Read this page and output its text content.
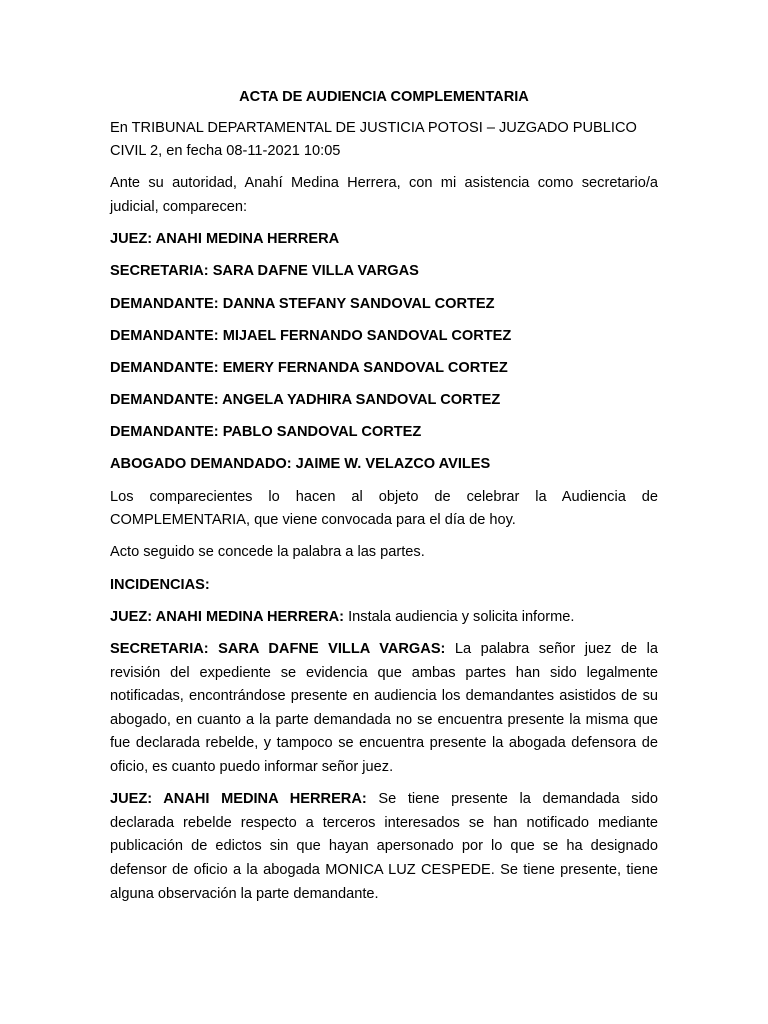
ACTA DE AUDIENCIA COMPLEMENTARIA

En TRIBUNAL DEPARTAMENTAL DE JUSTICIA POTOSI – JUZGADO PUBLICO CIVIL 2, en fecha 08-11-2021 10:05

Ante su autoridad, Anahí Medina Herrera, con mi asistencia como secretario/a judicial, comparecen:

JUEZ: ANAHI MEDINA HERRERA
SECRETARIA: SARA DAFNE VILLA VARGAS
DEMANDANTE: DANNA STEFANY SANDOVAL CORTEZ
DEMANDANTE: MIJAEL FERNANDO SANDOVAL CORTEZ
DEMANDANTE: EMERY FERNANDA SANDOVAL CORTEZ
DEMANDANTE: ANGELA YADHIRA SANDOVAL CORTEZ
DEMANDANTE: PABLO SANDOVAL CORTEZ
ABOGADO DEMANDADO: JAIME W. VELAZCO AVILES

Los comparecientes lo hacen al objeto de celebrar la Audiencia de COMPLEMENTARIA, que viene convocada para el día de hoy.

Acto seguido se concede la palabra a las partes.

INCIDENCIAS:

JUEZ: ANAHI MEDINA HERRERA: Instala audiencia y solicita informe.

SECRETARIA: SARA DAFNE VILLA VARGAS: La palabra señor juez de la revisión del expediente se evidencia que ambas partes han sido legalmente notificadas, encontrándose presente en audiencia los demandantes asistidos de su abogado, en cuanto a la parte demandada no se encuentra presente la misma que fue declarada rebelde, y tampoco se encuentra presente la abogada defensora de oficio, es cuanto puedo informar señor juez.

JUEZ: ANAHI MEDINA HERRERA: Se tiene presente la demandada sido declarada rebelde respecto a terceros interesados se han notificado mediante publicación de edictos sin que hayan apersonado por lo que se ha designado defensor de oficio a la abogada MONICA LUZ CESPEDE. Se tiene presente, tiene alguna observación la parte demandante.
